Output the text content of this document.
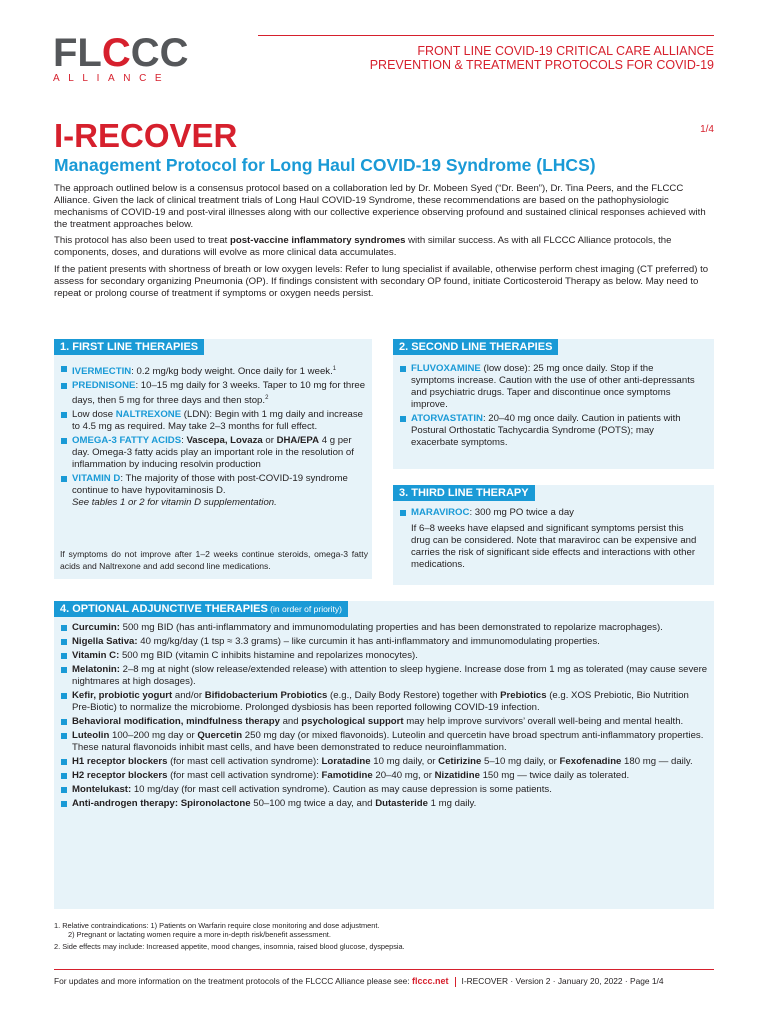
FLCCC
ALLIANCE
FRONT LINE COVID-19 CRITICAL CARE ALLIANCE
PREVENTION & TREATMENT PROTOCOLS FOR COVID-19
I-RECOVER	1/4
Management Protocol for Long Haul COVID-19 Syndrome (LHCS)

The approach outlined below is a consensus protocol based on a collaboration led by Dr. Mobeen Syed (“Dr. Been”), Dr. Tina Peers, and the FLCCC Alliance. Given the lack of clinical treatment trials of Long Haul COVID-19 Syndrome, these recommendations are based on the pathophysiologic mechanisms of COVID-19 and post-viral illnesses along with our collective experience observing profound and sustained clinical responses achieved with the treatment approaches below.

This protocol has also been used to treat post-vaccine inflammatory syndromes with similar success. As with all FLCCC Alliance protocols, the components, doses, and durations will evolve as more clinical data accumulates.

If the patient presents with shortness of breath or low oxygen levels: Refer to lung specialist if available, otherwise perform chest imaging (CT preferred) to assess for secondary organizing Pneumonia (OP). If findings consistent with secondary OP found, initiate Corticosteroid Therapy as below. May need to repeat or prolong course of treatment if symptoms or oxygen needs persist.

1. FIRST LINE THERAPIES
IVERMECTIN: 0.2 mg/kg body weight. Once daily for 1 week.$^1$
PREDNISONE: 10–15 mg daily for 3 weeks. Taper to 10 mg for three days, then 5 mg for three days and then stop.$^2$
Low dose NALTREXONE (LDN): Begin with 1 mg daily and increase to 4.5 mg as required. May take 2–3 months for full effect.
OMEGA-3 FATTY ACIDS: Vascepa, Lovaza or DHA/EPA 4 g per day. Omega-3 fatty acids play an important role in the resolution of inflammation by inducing resolvin production
VITAMIN D: The majority of those with post-COVID-19 syndrome continue to have hypovitaminosis D.
See tables 1 or 2 for vitamin D supplementation.
If symptoms do not improve after 1–2 weeks continue steroids, omega-3 fatty acids and Naltrexone and add second line medications.
2. SECOND LINE THERAPIES
FLUVOXAMINE (low dose): 25 mg once daily. Stop if the symptoms increase. Caution with the use of other anti-depressants and psychiatric drugs. Taper and discontinue once symptoms improve.
ATORVASTATIN: 20–40 mg once daily. Caution in patients with Postural Orthostatic Tachycardia Syndrome (POTS); may exacerbate symptoms.
3. THIRD LINE THERAPY
MARAVIROC: 300 mg PO twice a day
If 6–8 weeks have elapsed and significant symptoms persist this drug can be considered. Note that maraviroc can be expensive and carries the risk of significant side effects and interactions with other medications.
4. OPTIONAL ADJUNCTIVE THERAPIES (in order of priority)
Curcumin: 500 mg BID (has anti-inflammatory and immunomodulating properties and has been demonstrated to repolarize macrophages).
Nigella Sativa: 40 mg/kg/day (1 tsp ≈ 3.3 grams) – like curcumin it has anti-inflammatory and immunomodulating properties.
Vitamin C: 500 mg BID (vitamin C inhibits histamine and repolarizes monocytes).
Melatonin: 2–8 mg at night (slow release/extended release) with attention to sleep hygiene. Increase dose from 1 mg as tolerated (may cause severe nightmares at high dosages).
Kefir, probiotic yogurt and/or Bifidobacterium Probiotics (e.g., Daily Body Restore) together with Prebiotics (e.g. XOS Prebiotic, Bio Nutrition Pre-Biotic) to normalize the microbiome. Prolonged dysbiosis has been reported following COVID-19 infection.
Behavioral modification, mindfulness therapy and psychological support may help improve survivors’ overall well-being and mental health.
Luteolin 100–200 mg day or Quercetin 250 mg day (or mixed flavonoids). Luteolin and quercetin have broad spectrum anti-inflammatory properties. These natural flavonoids inhibit mast cells, and have been demonstrated to reduce neuroinflammation.
H1 receptor blockers (for mast cell activation syndrome): Loratadine 10 mg daily, or Cetirizine 5–10 mg daily, or Fexofenadine 180 mg — daily.
H2 receptor blockers (for mast cell activation syndrome): Famotidine 20–40 mg, or Nizatidine 150 mg — twice daily as tolerated.
Montelukast: 10 mg/day (for mast cell activation syndrome). Caution as may cause depression is some patients.
Anti-androgen therapy: Spironolactone 50–100 mg twice a day, and Dutasteride 1 mg daily.
1. Relative contraindications: 1) Patients on Warfarin require close monitoring and dose adjustment.
2) Pregnant or lactating women require a more in-depth risk/benefit assessment.
2. Side effects may include: Increased appetite, mood changes, insomnia, raised blood glucose, dyspepsia.
For updates and more information on the treatment protocols of the FLCCC Alliance please see: flccc.net I-RECOVER · Version 2 · January 20, 2022 · Page 1/4
